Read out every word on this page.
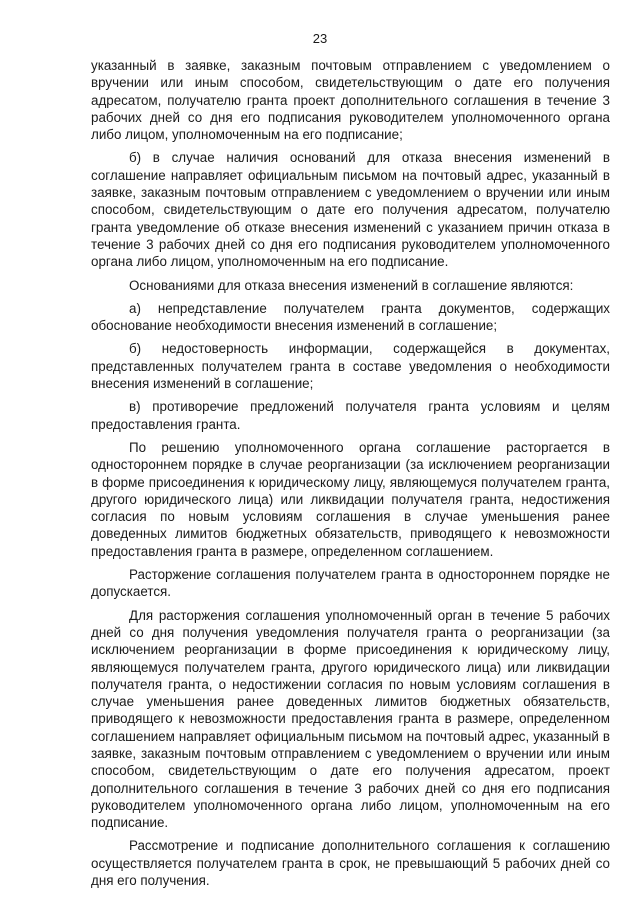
23

указанный в заявке, заказным почтовым отправлением с уведомлением о вручении или иным способом, свидетельствующим о дате его получения адресатом, получателю гранта проект дополнительного соглашения в течение 3 рабочих дней со дня его подписания руководителем уполномоченного органа либо лицом, уполномоченным на его подписание;

б) в случае наличия оснований для отказа внесения изменений в соглашение направляет официальным письмом на почтовый адрес, указанный в заявке, заказным почтовым отправлением с уведомлением о вручении или иным способом, свидетельствующим о дате его получения адресатом, получателю гранта уведомление об отказе внесения изменений с указанием причин отказа в течение 3 рабочих дней со дня его подписания руководителем уполномоченного органа либо лицом, уполномоченным на его подписание.

Основаниями для отказа внесения изменений в соглашение являются:

а) непредставление получателем гранта документов, содержащих обоснование необходимости внесения изменений в соглашение;

б) недостоверность информации, содержащейся в документах, представленных получателем гранта в составе уведомления о необходимости внесения изменений в соглашение;

в) противоречие предложений получателя гранта условиям и целям предоставления гранта.

По решению уполномоченного органа соглашение расторгается в одностороннем порядке в случае реорганизации (за исключением реорганизации в форме присоединения к юридическому лицу, являющемуся получателем гранта, другого юридического лица) или ликвидации получателя гранта, недостижения согласия по новым условиям соглашения в случае уменьшения ранее доведенных лимитов бюджетных обязательств, приводящего к невозможности предоставления гранта в размере, определенном соглашением.

Расторжение соглашения получателем гранта в одностороннем порядке не допускается.

Для расторжения соглашения уполномоченный орган в течение 5 рабочих дней со дня получения уведомления получателя гранта о реорганизации (за исключением реорганизации в форме присоединения к юридическому лицу, являющемуся получателем гранта, другого юридического лица) или ликвидации получателя гранта, о недостижении согласия по новым условиям соглашения в случае уменьшения ранее доведенных лимитов бюджетных обязательств, приводящего к невозможности предоставления гранта в размере, определенном соглашением направляет официальным письмом на почтовый адрес, указанный в заявке, заказным почтовым отправлением с уведомлением о вручении или иным способом, свидетельствующим о дате его получения адресатом, проект дополнительного соглашения в течение 3 рабочих дней со дня его подписания руководителем уполномоченного органа либо лицом, уполномоченным на его подписание.

Рассмотрение и подписание дополнительного соглашения к соглашению осуществляется получателем гранта в срок, не превышающий 5 рабочих дней со дня его получения.
